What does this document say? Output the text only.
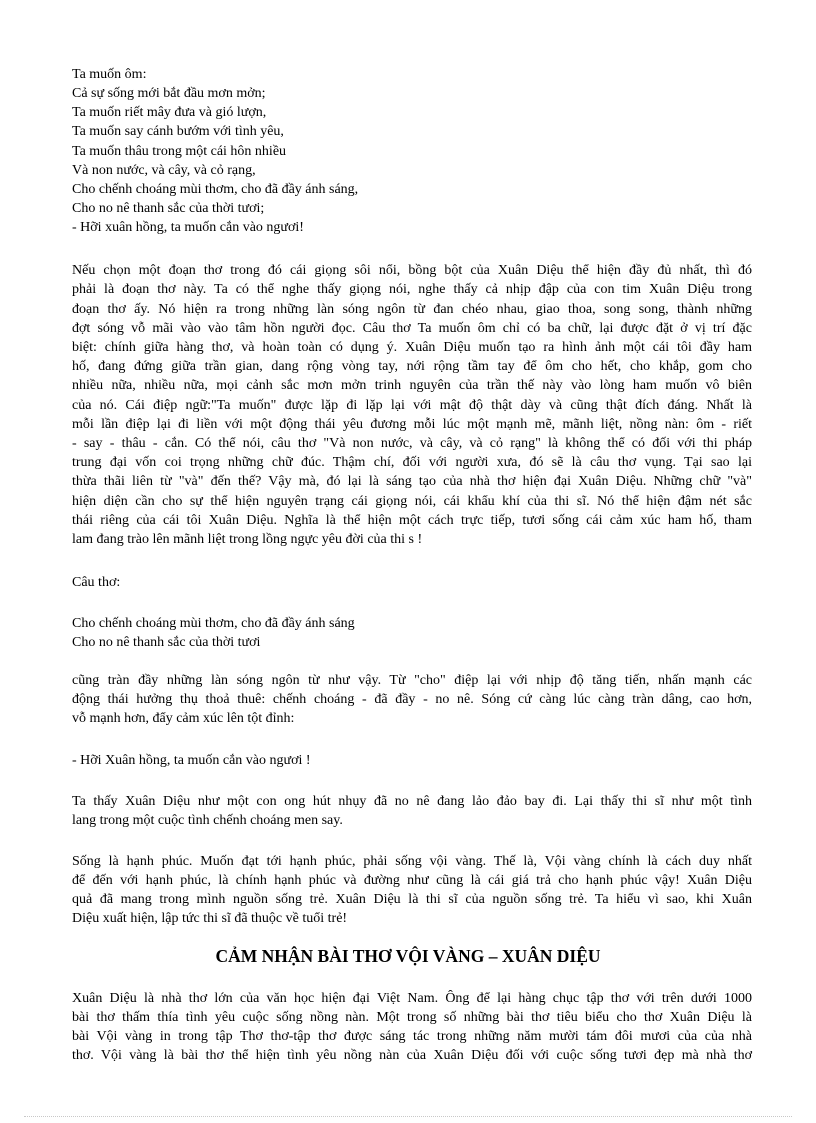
Ta muốn ôm:
Cả sự sống mới bắt đầu mơn mởn;
Ta muốn riết mây đưa và gió lượn,
Ta muốn say cánh bướm với tình yêu,
Ta muốn thâu trong một cái hôn nhiều
Và non nước, và cây, và cỏ rạng,
Cho chếnh choáng mùi thơm, cho đã đầy ánh sáng,
Cho no nê thanh sắc của thời tươi;
- Hỡi xuân hồng, ta muốn cắn vào ngươi!
Nếu chọn một đoạn thơ trong đó cái giọng sôi nổi, bồng bột của Xuân Diệu thể hiện đầy đủ nhất, thì đó
phải là đoạn thơ này. Ta có thể nghe thấy giọng nói, nghe thấy cả nhịp đập của con tim Xuân Diệu trong
đoạn thơ ấy. Nó hiện ra trong những làn sóng ngôn từ đan chéo nhau, giao thoa, song song, thành những
đợt sóng vỗ mãi vào vào tâm hồn người đọc. Câu thơ Ta muốn ôm chỉ có ba chữ, lại được đặt ở vị trí đặc
biệt: chính giữa hàng thơ, và hoàn toàn có dụng ý. Xuân Diệu muốn tạo ra hình ảnh một cái tôi đầy ham
hố, đang đứng giữa trần gian, dang rộng vòng tay, nới rộng tầm tay để ôm cho hết, cho khắp, gom cho
nhiều nữa, nhiều nữa, mọi cảnh sắc mơn mởn trinh nguyên của trần thế này vào lòng ham muốn vô biên
của nó. Cái điệp ngữ:"Ta muốn" được lặp đi lặp lại với mật độ thật dày và cũng thật đích đáng. Nhất là
mỗi lần điệp lại đi liền với một động thái yêu đương mỗi lúc một mạnh mẽ, mãnh liệt, nồng nàn: ôm - riết
- say - thâu - cắn. Có thể nói, câu thơ "Và non nước, và cây, và cỏ rạng" là không thể có đối với thi pháp
trung đại vốn coi trọng những chữ đúc. Thậm chí, đối với người xưa, đó sẽ là câu thơ vụng. Tại sao lại
thừa thãi liên từ "và" đến thế? Vậy mà, đó lại là sáng tạo của nhà thơ hiện đại Xuân Diệu. Những chữ "và"
hiện diện cần cho sự thể hiện nguyên trạng cái giọng nói, cái khẩu khí của thi sĩ. Nó thể hiện đậm nét sắc
thái riêng của cái tôi Xuân Diệu. Nghĩa là thể hiện một cách trực tiếp, tươi sống cái cảm xúc ham hố, tham
lam đang trào lên mãnh liệt trong lồng ngực yêu đời của thi s !
Câu thơ:
Cho chếnh choáng mùi thơm, cho đã đầy ánh sáng
Cho no nê thanh sắc của thời tươi
cũng tràn đầy những làn sóng ngôn từ như vậy. Từ "cho" điệp lại với nhịp độ tăng tiến, nhấn mạnh các
động thái hưởng thụ thoả thuê: chếnh choáng - đã đầy - no nê. Sóng cứ càng lúc càng tràn dâng, cao hơn,
vỗ mạnh hơn, đẩy cảm xúc lên tột đỉnh:
- Hỡi Xuân hồng, ta muốn cắn vào ngươi !
Ta thấy Xuân Diệu như một con ong hút nhụy đã no nê đang lảo đảo bay đi. Lại thấy thi sĩ như một tình
lang trong một cuộc tình chếnh choáng men say.
Sống là hạnh phúc. Muốn đạt tới hạnh phúc, phải sống vội vàng. Thế là, Vội vàng chính là cách duy nhất
để đến với hạnh phúc, là chính hạnh phúc và đường như cũng là cái giá trả cho hạnh phúc vậy! Xuân Diệu
quả đã mang trong mình nguồn sống trẻ. Xuân Diệu là thi sĩ của nguồn sống trẻ. Ta hiểu vì sao, khi Xuân
Diệu xuất hiện, lập tức thi sĩ đã thuộc về tuổi trẻ!
CẢM NHẬN BÀI THƠ VỘI VÀNG – XUÂN DIỆU
Xuân Diệu là nhà thơ lớn của văn học hiện đại Việt Nam. Ông để lại hàng chục tập thơ với trên dưới 1000
bài thơ thấm thía tình yêu cuộc sống nồng nàn. Một trong số những bài thơ tiêu biểu cho thơ Xuân Diệu là
bài Vội vàng in trong tập Thơ thơ-tập thơ được sáng tác trong những năm mười tám đôi mươi của của nhà
thơ. Vội vàng là bài thơ thể hiện tình yêu nồng nàn của Xuân Diệu đối với cuộc sống tươi đẹp mà nhà thơ
